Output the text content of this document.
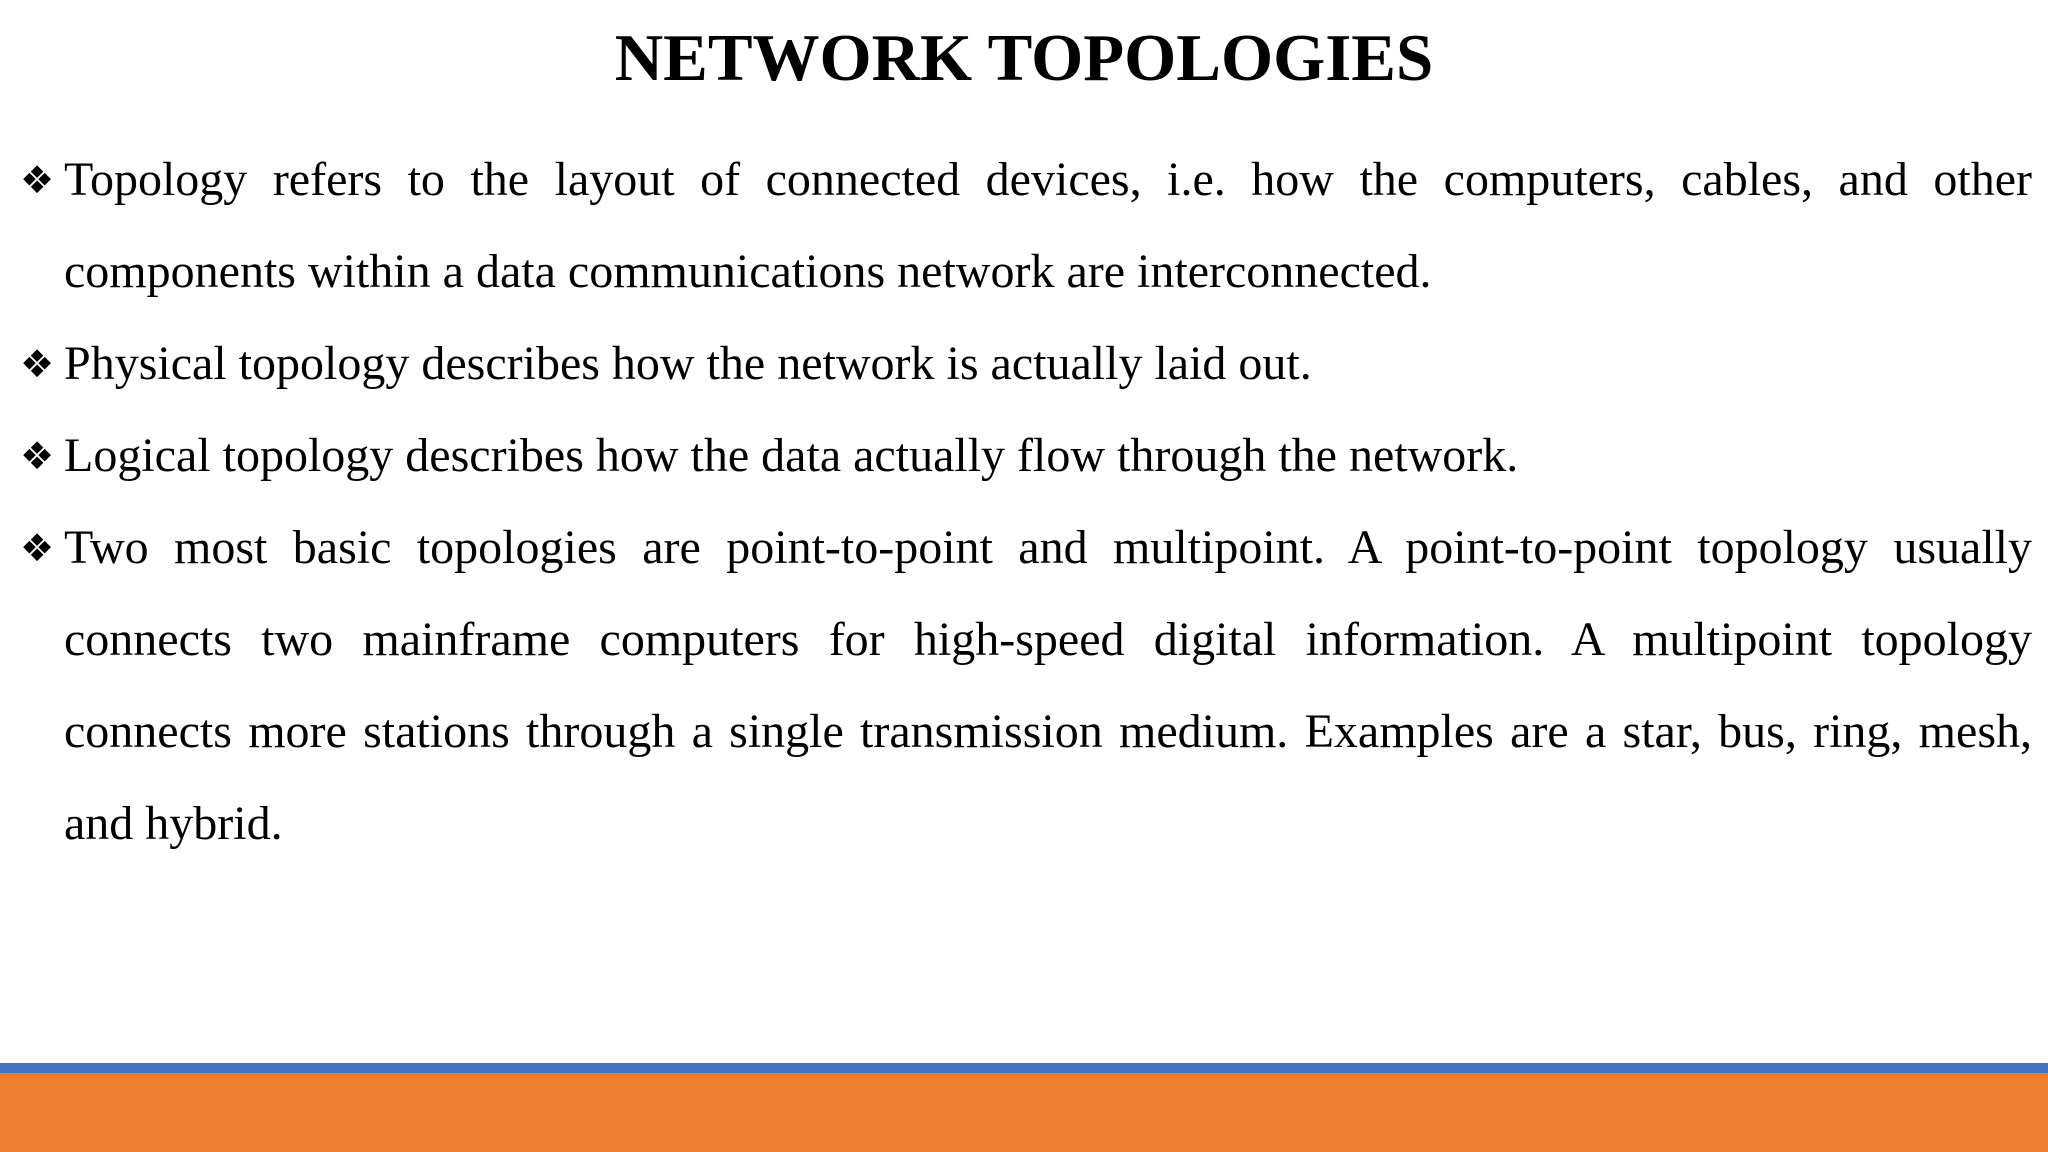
NETWORK TOPOLOGIES
❖ Topology refers to the layout of connected devices, i.e. how the computers, cables, and other components within a data communications network are interconnected.
❖ Physical topology describes how the network is actually laid out.
❖ Logical topology describes how the data actually flow through the network.
❖ Two most basic topologies are point-to-point and multipoint. A point-to-point topology usually connects two mainframe computers for high-speed digital information. A multipoint topology connects more stations through a single transmission medium. Examples are a star, bus, ring, mesh, and hybrid.
